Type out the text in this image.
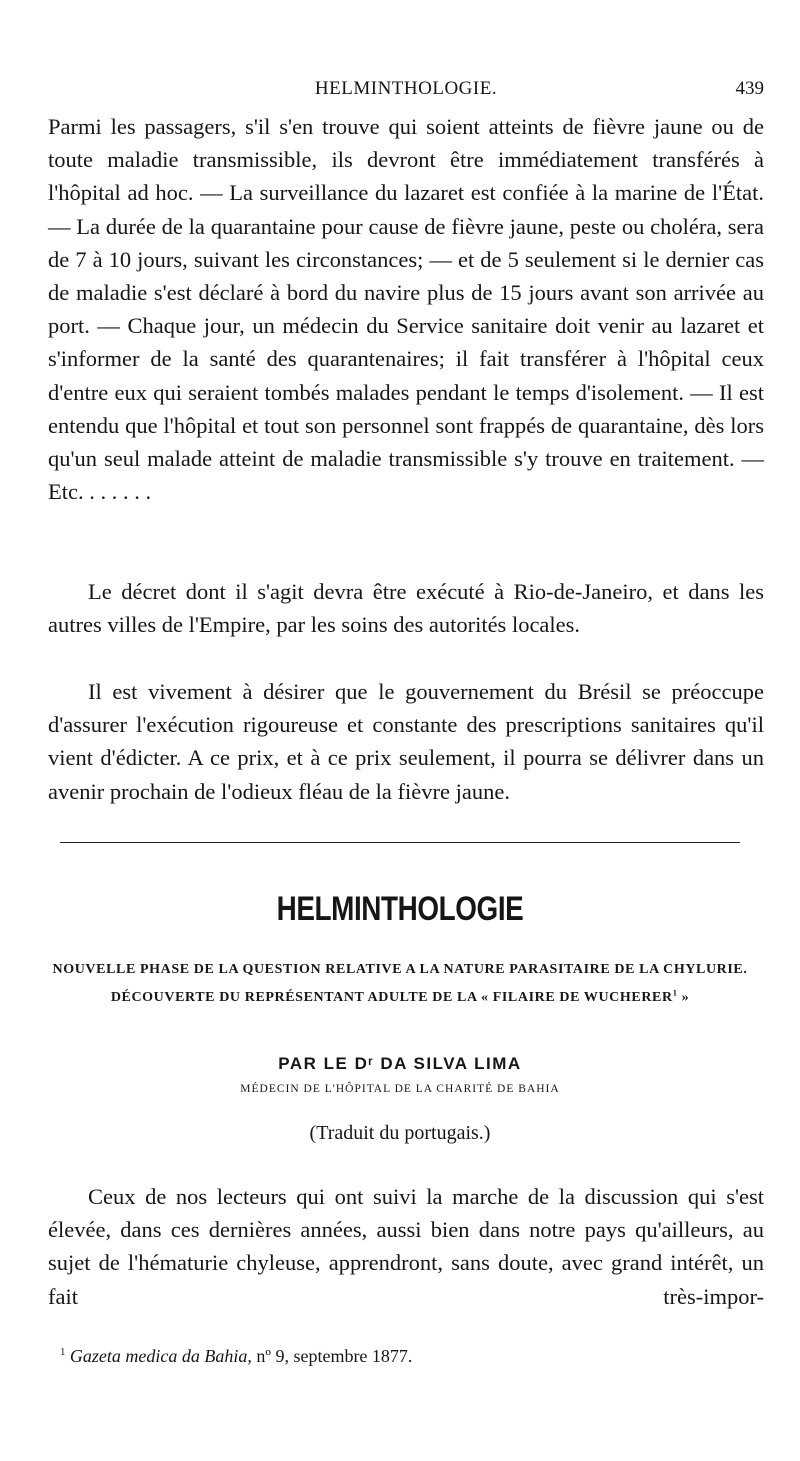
HELMINTHOLOGIE.	439

Parmi les passagers, s'il s'en trouve qui soient atteints de fièvre jaune ou de toute maladie transmissible, ils devront être immédiatement transférés à l'hôpital ad hoc. — La surveillance du lazaret est confiée à la marine de l'État. — La durée de la quarantaine pour cause de fièvre jaune, peste ou choléra, sera de 7 à 10 jours, suivant les circonstances; — et de 5 seulement si le dernier cas de maladie s'est déclaré à bord du navire plus de 15 jours avant son arrivée au port. — Chaque jour, un médecin du Service sanitaire doit venir au lazaret et s'informer de la santé des quarantenaires; il fait transférer à l'hôpital ceux d'entre eux qui seraient tombés malades pendant le temps d'isolement. — Il est entendu que l'hôpital et tout son personnel sont frappés de quarantaine, dès lors qu'un seul malade atteint de maladie transmissible s'y trouve en traitement. — Etc. . . . . . .

Le décret dont il s'agit devra être exécuté à Rio-de-Janeiro, et dans les autres villes de l'Empire, par les soins des autorités locales.

Il est vivement à désirer que le gouvernement du Brésil se préoccupe d'assurer l'exécution rigoureuse et constante des prescriptions sanitaires qu'il vient d'édicter. A ce prix, et à ce prix seulement, il pourra se délivrer dans un avenir prochain de l'odieux fléau de la fièvre jaune.

HELMINTHOLOGIE
NOUVELLE PHASE DE LA QUESTION RELATIVE A LA NATURE PARASITAIRE DE LA CHYLURIE.
DÉCOUVERTE DU REPRÉSENTANT ADULTE DE LA « FILAIRE DE WUCHERER$^1$ »
PAR LE Dʳ DA SILVA LIMA
MÉDECIN DE L'HÔPITAL DE LA CHARITÉ DE BAHIA
(Traduit du portugais.)

Ceux de nos lecteurs qui ont suivi la marche de la discussion qui s'est élevée, dans ces dernières années, aussi bien dans notre pays qu'ailleurs, au sujet de l'hématurie chyleuse, apprendront, sans doute, avec grand intérêt, un fait très-impor-

$^1$ Gazeta medica da Bahia, nº 9, septembre 1877.
